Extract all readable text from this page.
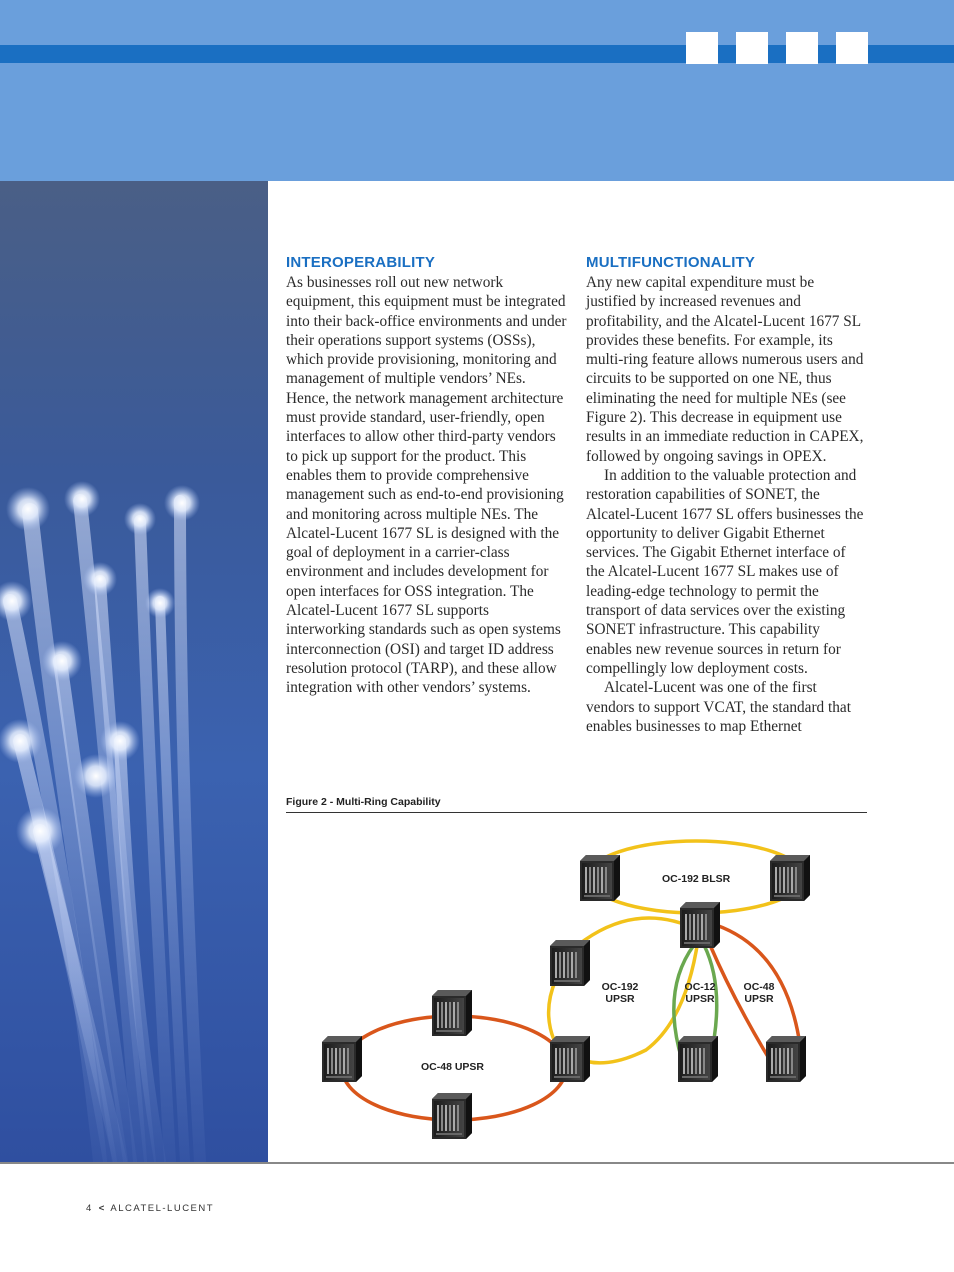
INTEROPERABILITY

As businesses roll out new network equipment, this equipment must be integrated into their back-office environments and under their operations support systems (OSSs), which provide provisioning, monitoring and management of multiple vendors’ NEs. Hence, the network management architecture must provide standard, user-friendly, open interfaces to allow other third-party vendors to pick up support for the product. This enables them to provide comprehensive management such as end-to-end provisioning and monitoring across multiple NEs. The Alcatel-Lucent 1677 SL is designed with the goal of deployment in a carrier-class environment and includes development for open interfaces for OSS integration. The Alcatel-Lucent 1677 SL supports interworking standards such as open systems interconnection (OSI) and target ID address resolution protocol (TARP), and these allow integration with other vendors’ systems.

MULTIFUNCTIONALITY

Any new capital expenditure must be justified by increased revenues and profitability, and the Alcatel-Lucent 1677 SL provides these benefits. For example, its multi-ring feature allows numerous users and circuits to be supported on one NE, thus eliminating the need for multiple NEs (see Figure 2). This decrease in equipment use results in an immediate reduction in CAPEX, followed by ongoing savings in OPEX.

In addition to the valuable protection and restoration capabilities of SONET, the Alcatel-Lucent 1677 SL offers businesses the opportunity to deliver Gigabit Ethernet services. The Gigabit Ethernet interface of the Alcatel-Lucent 1677 SL makes use of leading-edge technology to permit the transport of data services over the existing SONET infrastructure. This capability enables new revenue sources in return for compellingly low deployment costs.

Alcatel-Lucent was one of the first vendors to support VCAT, the standard that enables businesses to map Ethernet

Figure 2 - Multi-Ring Capability
OC-192 BLSR
OC-192
UPSR
OC-12
UPSR
OC-48
UPSR
OC-48 UPSR
4 < ALCATEL-LUCENT
